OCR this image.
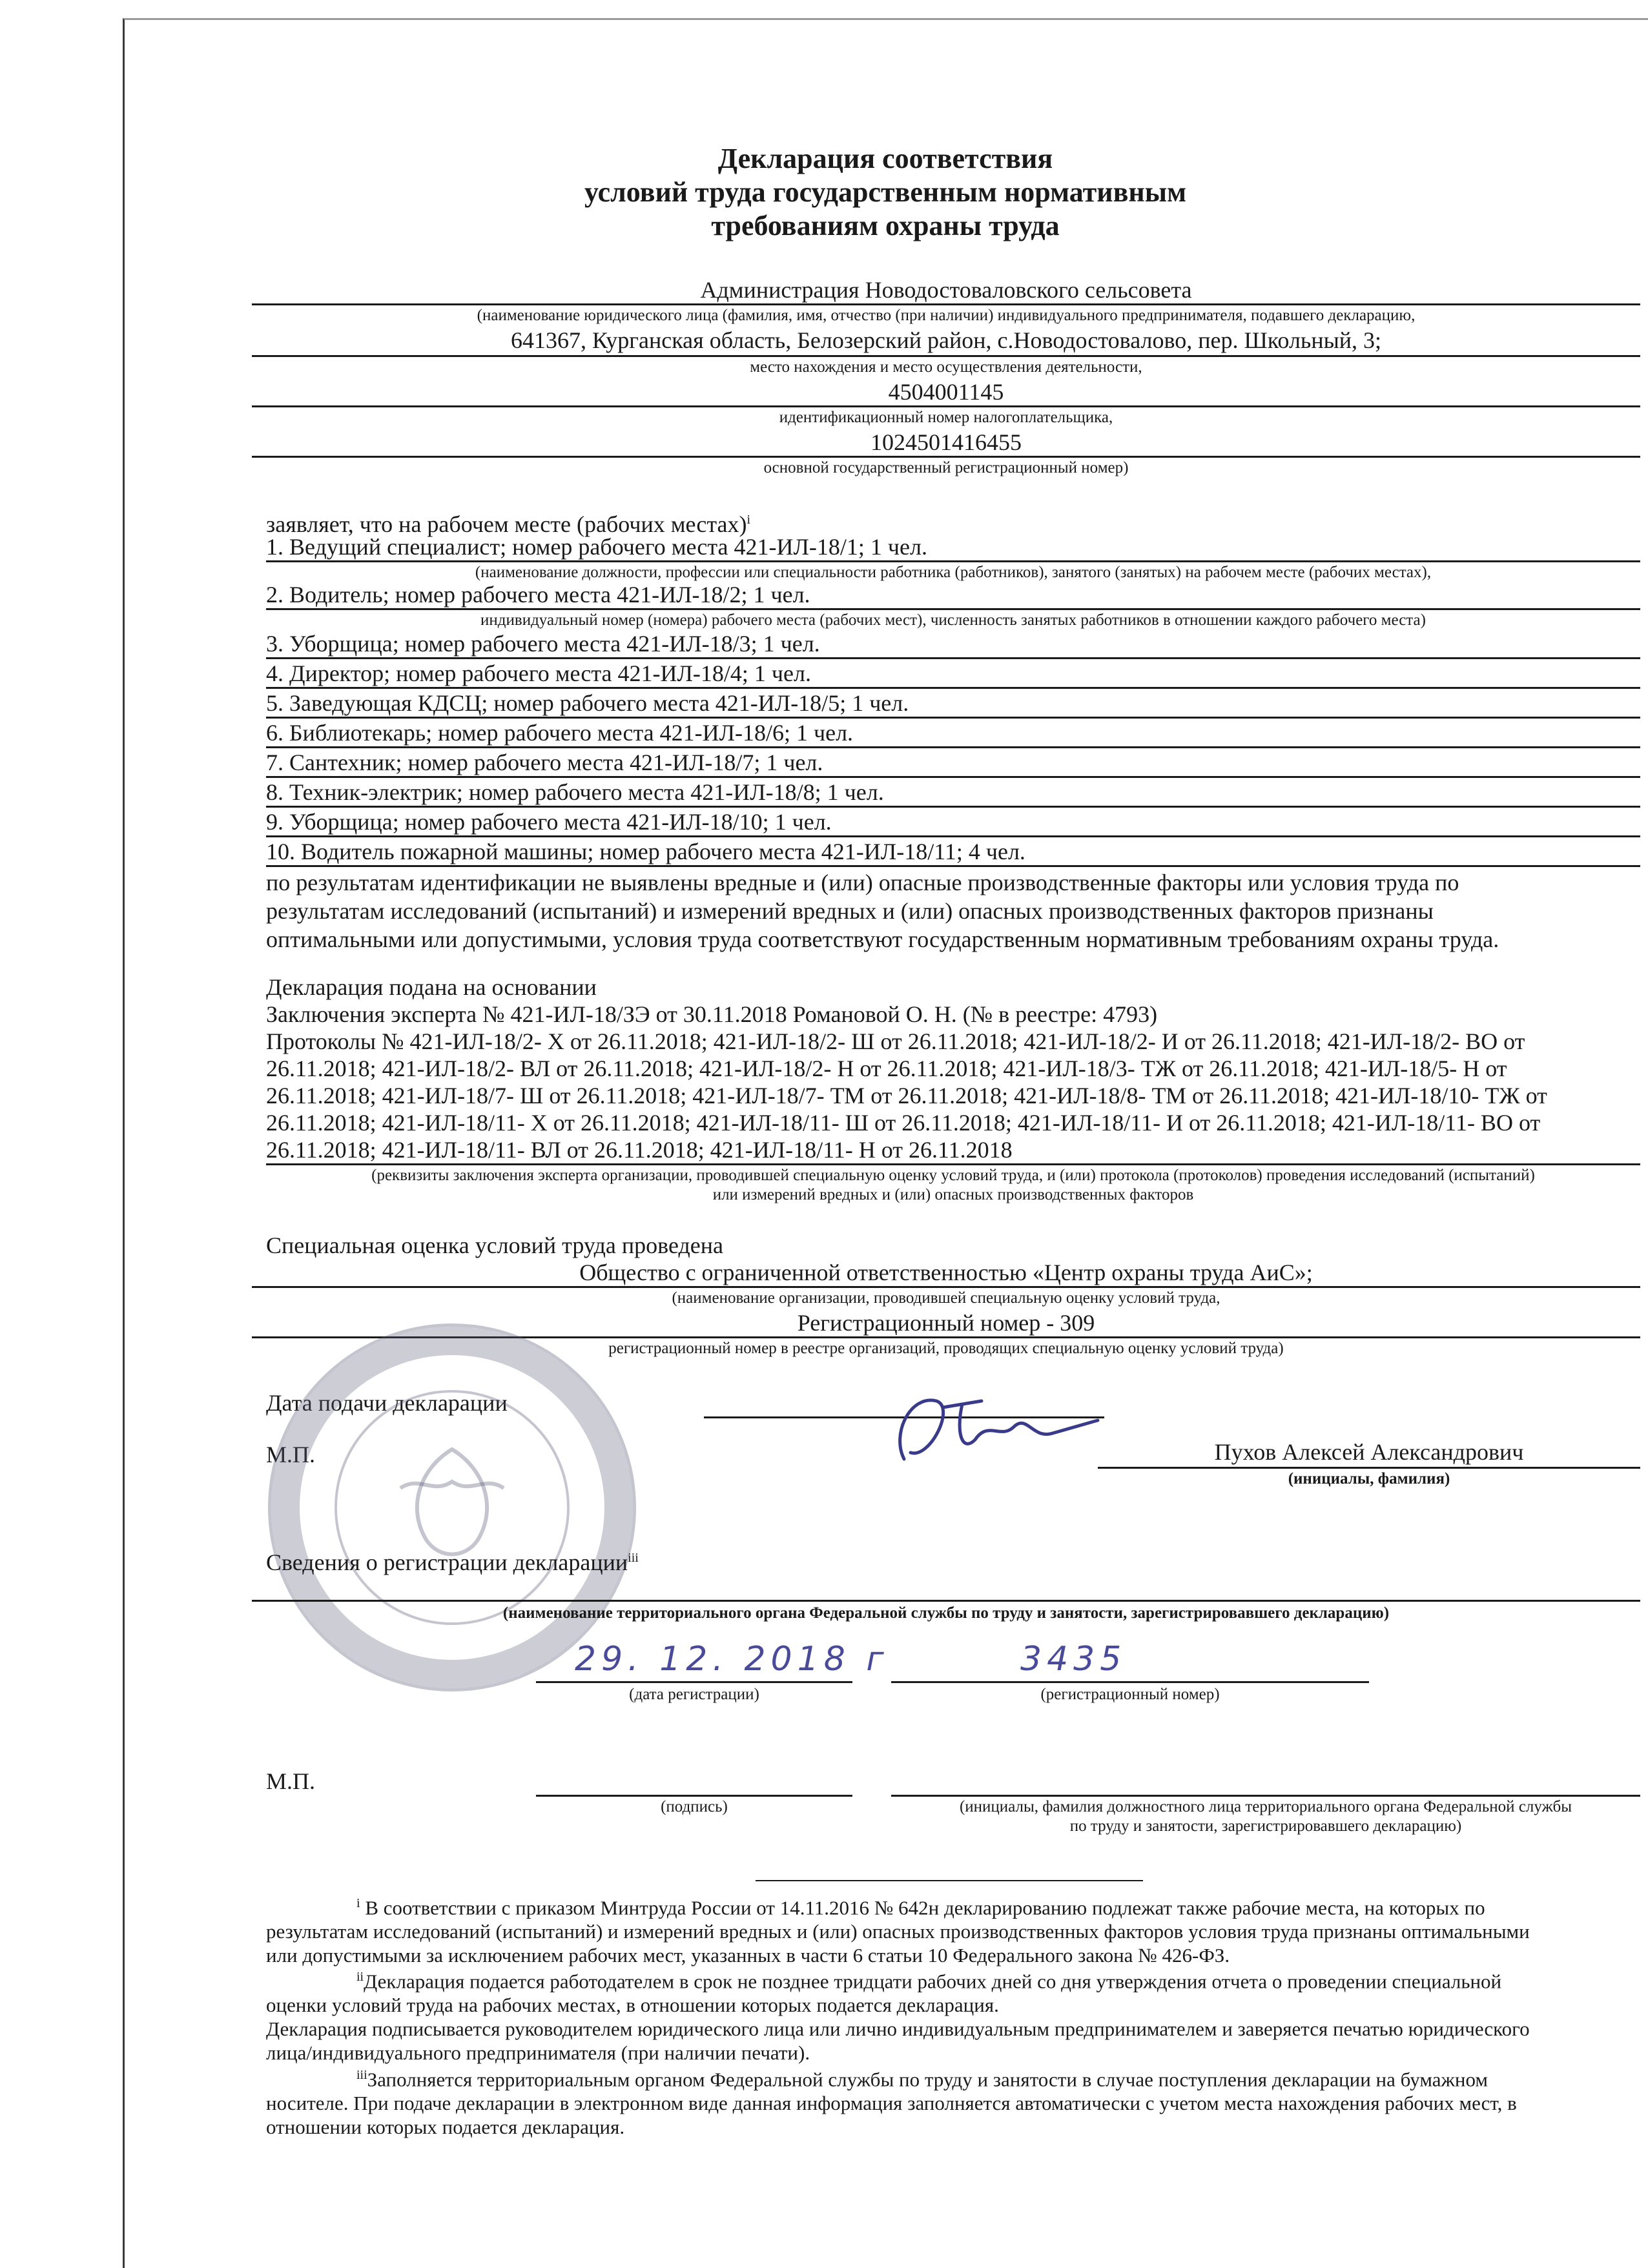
Декларация соответствия
условий труда государственным нормативным
требованиям охраны труда
Администрация Новодостоваловского сельсовета
(наименование юридического лица (фамилия, имя, отчество (при наличии) индивидуального предпринимателя, подавшего декларацию,
641367, Курганская область, Белозерский район, с.Новодостовалово, пер. Школьный, 3;
место нахождения и место осуществления деятельности,
4504001145
идентификационный номер налогоплательщика,
1024501416455
основной государственный регистрационный номер)
заявляет, что на рабочем месте (рабочих местах)$^i$
1. Ведущий специалист; номер рабочего места 421-ИЛ-18/1; 1 чел.
(наименование должности, профессии или специальности работника (работников), занятого (занятых) на рабочем месте (рабочих местах),
2. Водитель; номер рабочего места 421-ИЛ-18/2; 1 чел.
индивидуальный номер (номера) рабочего места (рабочих мест), численность занятых работников в отношении каждого рабочего места)
3. Уборщица; номер рабочего места 421-ИЛ-18/3; 1 чел.
4. Директор; номер рабочего места 421-ИЛ-18/4; 1 чел.
5. Заведующая КДСЦ; номер рабочего места 421-ИЛ-18/5; 1 чел.
6. Библиотекарь; номер рабочего места 421-ИЛ-18/6; 1 чел.
7. Сантехник; номер рабочего места 421-ИЛ-18/7; 1 чел.
8. Техник-электрик; номер рабочего места 421-ИЛ-18/8; 1 чел.
9. Уборщица; номер рабочего места 421-ИЛ-18/10; 1 чел.
10. Водитель пожарной машины; номер рабочего места 421-ИЛ-18/11; 4 чел.
по результатам идентификации не выявлены вредные и (или) опасные производственные факторы или условия труда по
результатам исследований (испытаний) и измерений вредных и (или) опасных производственных факторов признаны
оптимальными или допустимыми, условия труда соответствуют государственным нормативным требованиям охраны труда.
Декларация подана на основании
Заключения эксперта № 421-ИЛ-18/ЗЭ от 30.11.2018 Романовой О. Н. (№ в реестре: 4793)
Протоколы № 421-ИЛ-18/2- Х от 26.11.2018; 421-ИЛ-18/2- Ш от 26.11.2018; 421-ИЛ-18/2- И от 26.11.2018; 421-ИЛ-18/2- ВО от
26.11.2018; 421-ИЛ-18/2- ВЛ от 26.11.2018; 421-ИЛ-18/2- Н от 26.11.2018; 421-ИЛ-18/3- ТЖ от 26.11.2018; 421-ИЛ-18/5- Н от
26.11.2018; 421-ИЛ-18/7- Ш от 26.11.2018; 421-ИЛ-18/7- ТМ от 26.11.2018; 421-ИЛ-18/8- ТМ от 26.11.2018; 421-ИЛ-18/10- ТЖ от
26.11.2018; 421-ИЛ-18/11- Х от 26.11.2018; 421-ИЛ-18/11- Ш от 26.11.2018; 421-ИЛ-18/11- И от 26.11.2018; 421-ИЛ-18/11- ВО от
26.11.2018; 421-ИЛ-18/11- ВЛ от 26.11.2018; 421-ИЛ-18/11- Н от 26.11.2018
(реквизиты заключения эксперта организации, проводившей специальную оценку условий труда, и (или) протокола (протоколов) проведения исследований (испытаний)
или измерений вредных и (или) опасных производственных факторов
Специальная оценка условий труда проведена
Общество с ограниченной ответственностью «Центр охраны труда АиС»;
(наименование организации, проводившей специальную оценку условий труда,
Регистрационный номер - 309
регистрационный номер в реестре организаций, проводящих специальную оценку условий труда)
Дата подачи декларации
М.П.	Пухов Алексей Александрович
(инициалы, фамилия)
Сведения о регистрации декларации$^{iii}$
(наименование территориального органа Федеральной службы по труду и занятости, зарегистрировавшего декларацию)
29. 12. 2018 г
(дата регистрации)
3435
(регистрационный номер)
М.П.
(подпись)	(инициалы, фамилия должностного лица территориального органа Федеральной службы
по труду и занятости, зарегистрировавшего декларацию)
$^i$ В соответствии с приказом Минтруда России от 14.11.2016 № 642н декларированию подлежат также рабочие места, на которых по
результатам исследований (испытаний) и измерений вредных и (или) опасных производственных факторов условия труда признаны оптимальными
или допустимыми за исключением рабочих мест, указанных в части 6 статьи 10 Федерального закона № 426-ФЗ.
$^{ii}$Декларация подается работодателем в срок не позднее тридцати рабочих дней со дня утверждения отчета о проведении специальной
оценки условий труда на рабочих местах, в отношении которых подается декларация.
Декларация подписывается руководителем юридического лица или лично индивидуальным предпринимателем и заверяется печатью юридического
лица/индивидуального предпринимателя (при наличии печати).
$^{iii}$Заполняется территориальным органом Федеральной службы по труду и занятости в случае поступления декларации на бумажном
носителе. При подаче декларации в электронном виде данная информация заполняется автоматически с учетом места нахождения рабочих мест, в
отношении которых подается декларация.
